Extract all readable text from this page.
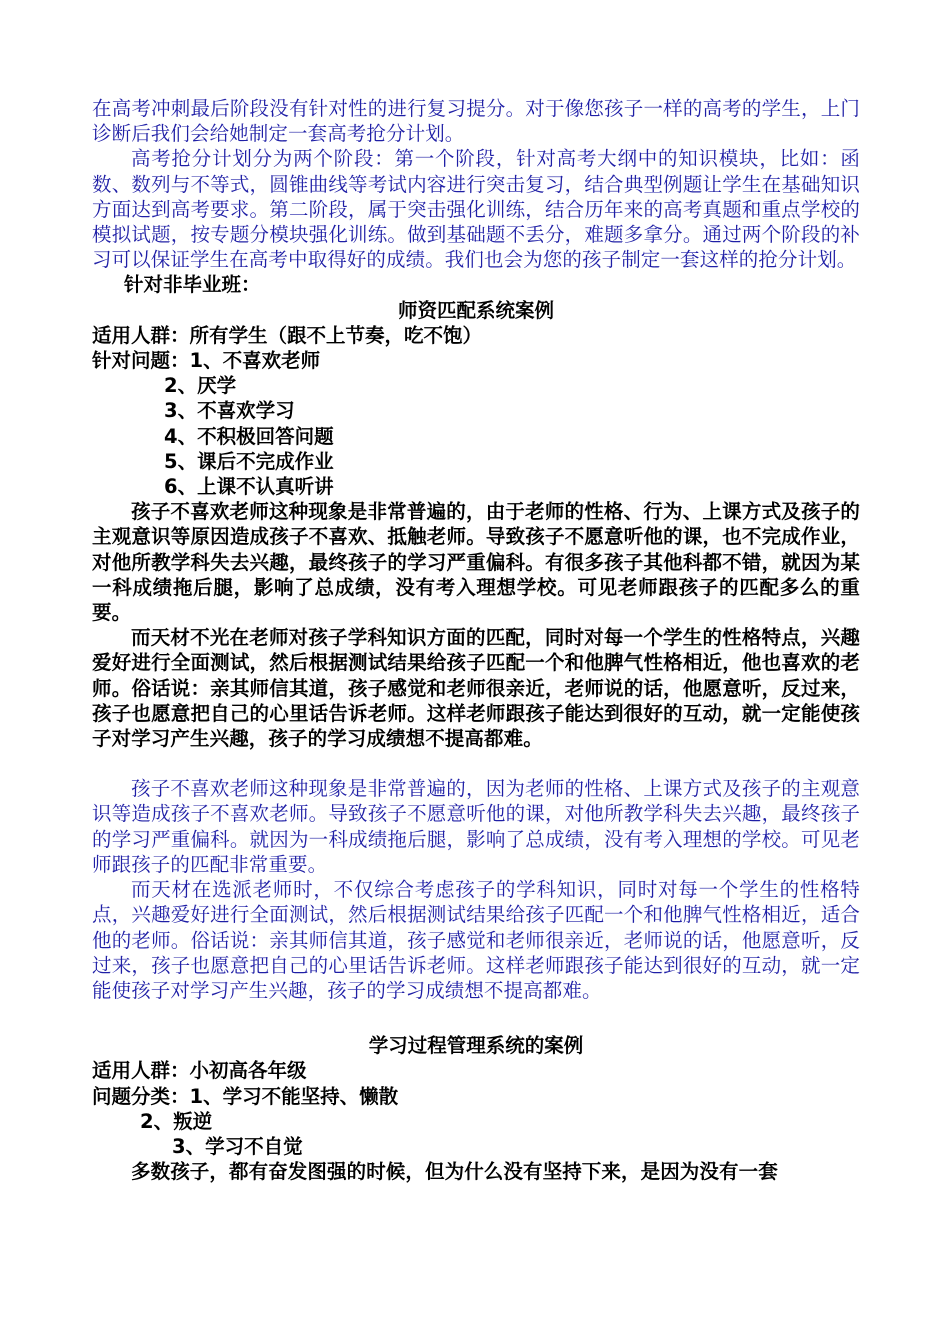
在高考冲刺最后阶段没有针对性的进行复习提分。对于像您孩子一样的高考的学生，上门诊断后我们会给她制定一套高考抢分计划。

高考抢分计划分为两个阶段：第一个阶段，针对高考大纲中的知识模块，比如：函数、数列与不等式，圆锥曲线等考试内容进行突击复习，结合典型例题让学生在基础知识方面达到高考要求。第二阶段，属于突击强化训练，结合历年来的高考真题和重点学校的模拟试题，按专题分模块强化训练。做到基础题不丢分，难题多拿分。通过两个阶段的补习可以保证学生在高考中取得好的成绩。我们也会为您的孩子制定一套这样的抢分计划。

针对非毕业班：

师资匹配系统案例

适用人群：所有学生（跟不上节奏，吃不饱）

针对问题：1、不喜欢老师

2、厌学

3、不喜欢学习

4、不积极回答问题

5、课后不完成作业

6、上课不认真听讲

孩子不喜欢老师这种现象是非常普遍的，由于老师的性格、行为、上课方式及孩子的主观意识等原因造成孩子不喜欢、抵触老师。导致孩子不愿意听他的课，也不完成作业，对他所教学科失去兴趣，最终孩子的学习严重偏科。有很多孩子其他科都不错，就因为某一科成绩拖后腿，影响了总成绩，没有考入理想学校。可见老师跟孩子的匹配多么的重要。

而天材不光在老师对孩子学科知识方面的匹配，同时对每一个学生的性格特点，兴趣爱好进行全面测试，然后根据测试结果给孩子匹配一个和他脾气性格相近，他也喜欢的老师。俗话说：亲其师信其道，孩子感觉和老师很亲近，老师说的话，他愿意听，反过来，孩子也愿意把自己的心里话告诉老师。这样老师跟孩子能达到很好的互动，就一定能使孩子对学习产生兴趣，孩子的学习成绩想不提高都难。

孩子不喜欢老师这种现象是非常普遍的，因为老师的性格、上课方式及孩子的主观意识等造成孩子不喜欢老师。导致孩子不愿意听他的课，对他所教学科失去兴趣，最终孩子的学习严重偏科。就因为一科成绩拖后腿，影响了总成绩，没有考入理想的学校。可见老师跟孩子的匹配非常重要。

而天材在选派老师时，不仅综合考虑孩子的学科知识，同时对每一个学生的性格特点，兴趣爱好进行全面测试，然后根据测试结果给孩子匹配一个和他脾气性格相近，适合他的老师。俗话说：亲其师信其道，孩子感觉和老师很亲近，老师说的话，他愿意听，反过来，孩子也愿意把自己的心里话告诉老师。这样老师跟孩子能达到很好的互动，就一定能使孩子对学习产生兴趣，孩子的学习成绩想不提高都难。

学习过程管理系统的案例

适用人群：小初高各年级

问题分类：1、学习不能坚持、懒散

2、叛逆

3、学习不自觉

多数孩子，都有奋发图强的时候，但为什么没有坚持下来，是因为没有一套
